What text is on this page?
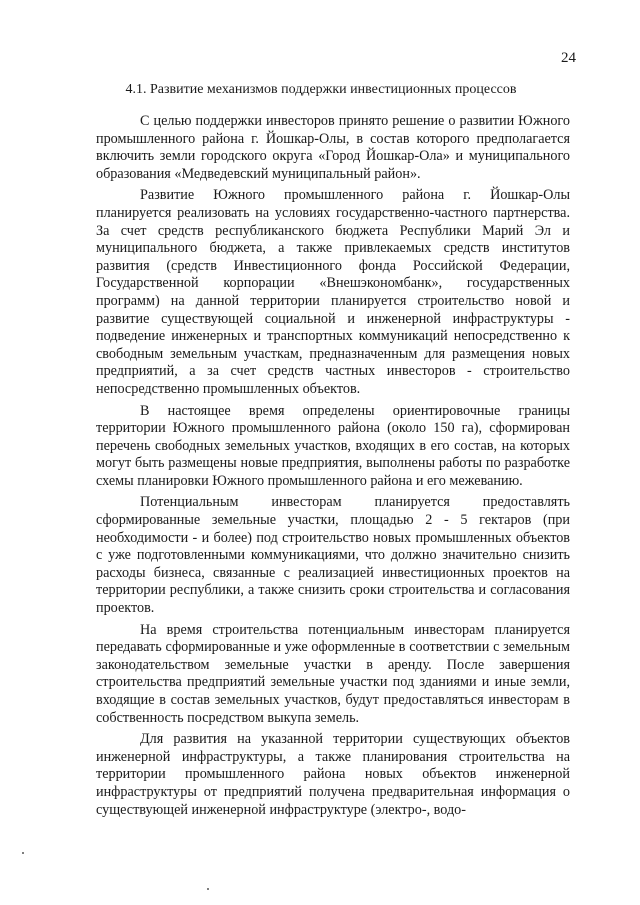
24
4.1. Развитие механизмов поддержки инвестиционных процессов

С целью поддержки инвесторов принято решение о развитии Южного промышленного района г. Йошкар-Олы, в состав которого предполагается включить земли городского округа «Город Йошкар-Ола» и муниципального образования «Медведевский муниципальный район».

Развитие Южного промышленного района г. Йошкар-Олы планируется реализовать на условиях государственно-частного партнерства. За счет средств республиканского бюджета Республики Марий Эл и муниципального бюджета, а также привлекаемых средств институтов развития (средств Инвестиционного фонда Российской Федерации, Государственной корпорации «Внешэкономбанк», государственных программ) на данной территории планируется строительство новой и развитие существующей социальной и инженерной инфраструктуры - подведение инженерных и транспортных коммуникаций непосредственно к свободным земельным участкам, предназначенным для размещения новых предприятий, а за счет средств частных инвесторов - строительство непосредственно промышленных объектов.

В настоящее время определены ориентировочные границы территории Южного промышленного района (около 150 га), сформирован перечень свободных земельных участков, входящих в его состав, на которых могут быть размещены новые предприятия, выполнены работы по разработке схемы планировки Южного промышленного района и его межеванию.

Потенциальным инвесторам планируется предоставлять сформированные земельные участки, площадью 2 - 5 гектаров (при необходимости - и более) под строительство новых промышленных объектов с уже подготовленными коммуникациями, что должно значительно снизить расходы бизнеса, связанные с реализацией инвестиционных проектов на территории республики, а также снизить сроки строительства и согласования проектов.

На время строительства потенциальным инвесторам планируется передавать сформированные и уже оформленные в соответствии с земельным законодательством земельные участки в аренду. После завершения строительства предприятий земельные участки под зданиями и иные земли, входящие в состав земельных участков, будут предоставляться инвесторам в собственность посредством выкупа земель.

Для развития на указанной территории существующих объектов инженерной инфраструктуры, а также планирования строительства на территории промышленного района новых объектов инженерной инфраструктуры от предприятий получена предварительная информация о существующей инженерной инфраструктуре (электро-, водо-
